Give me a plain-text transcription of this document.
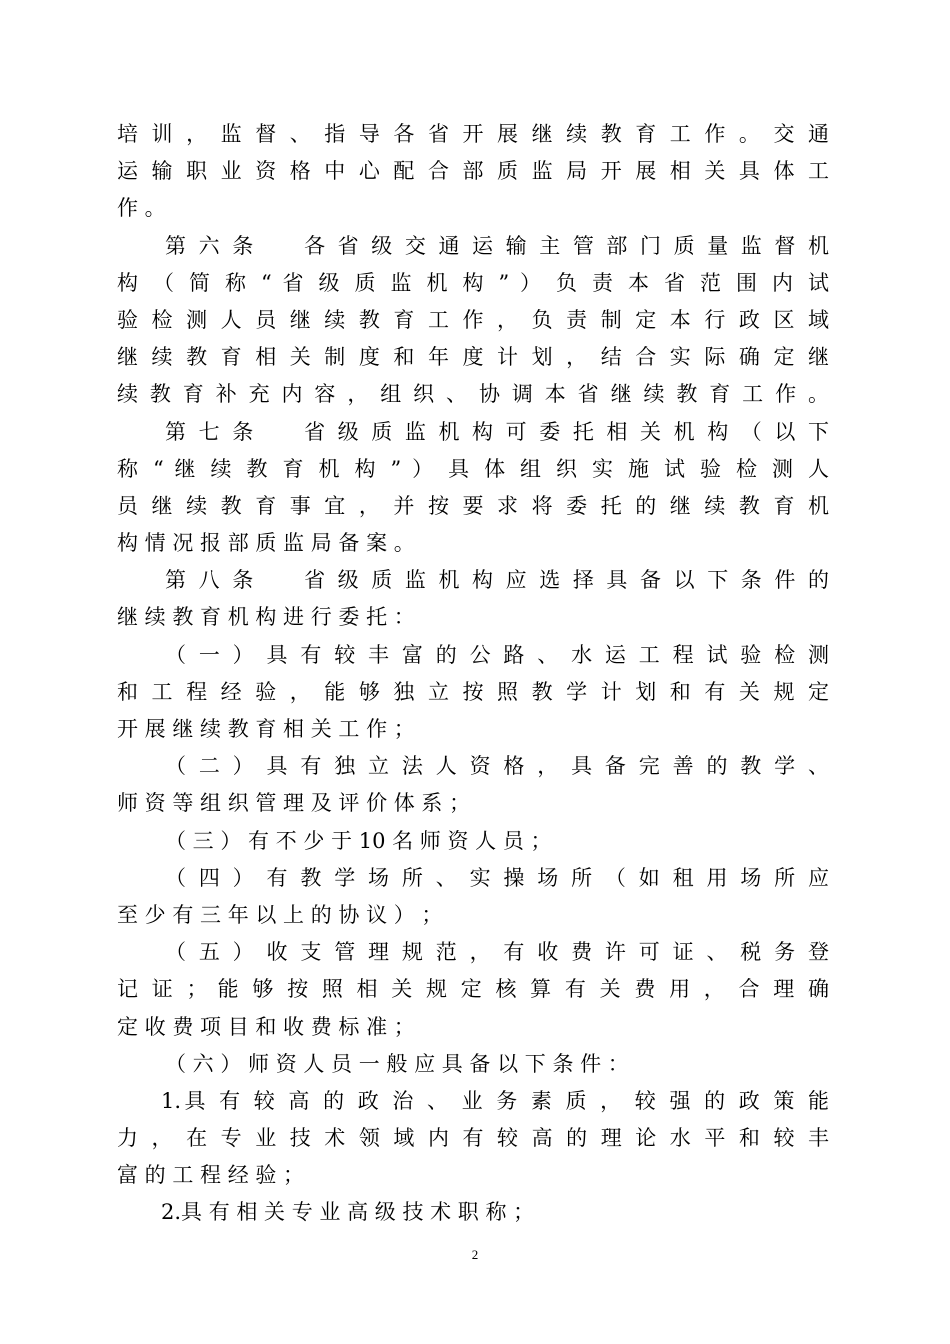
培 训 ， 监 督 、 指 导 各 省 开 展 继 续 教 育 工 作 。 交 通
运 输 职 业 资 格 中 心 配 合 部 质 监 局 开 展 相 关 具 体 工
作 。
第 六 条　　各 省 级 交 通 运 输 主 管 部 门 质 量 监 督 机
构 （ 简 称 “ 省 级 质 监 机 构 ” ） 负 责 本 省 范 围 内 试
验 检 测 人 员 继 续 教 育 工 作 ， 负 责 制 定 本 行 政 区 域
继 续 教 育 相 关 制 度 和 年 度 计 划 ， 结 合 实 际 确 定 继
续 教 育 补 充 内 容 ， 组 织 、 协 调 本 省 继 续 教 育 工 作 。
第 七 条　　省 级 质 监 机 构 可 委 托 相 关 机 构 （ 以 下
称 “ 继 续 教 育 机 构 ” ） 具 体 组 织 实 施 试 验 检 测 人
员 继 续 教 育 事 宜 ， 并 按 要 求 将 委 托 的 继 续 教 育 机
构 情 况 报 部 质 监 局 备 案 。
第 八 条　　省 级 质 监 机 构 应 选 择 具 备 以 下 条 件 的
继 续 教 育 机 构 进 行 委 托 ：
（ 一 ） 具 有 较 丰 富 的 公 路 、 水 运 工 程 试 验 检 测
和 工 程 经 验 ， 能 够 独 立 按 照 教 学 计 划 和 有 关 规 定
开 展 继 续 教 育 相 关 工 作 ；
（ 二 ） 具 有 独 立 法 人 资 格 ， 具 备 完 善 的 教 学 、
师 资 等 组 织 管 理 及 评 价 体 系 ；
（ 三 ） 有 不 少 于 10 名 师 资 人 员 ；
（ 四 ） 有 教 学 场 所 、 实 操 场 所 （ 如 租 用 场 所 应
至 少 有 三 年 以 上 的 协 议 ） ；
（ 五 ） 收 支 管 理 规 范 ， 有 收 费 许 可 证 、 税 务 登
记 证 ； 能 够 按 照 相 关 规 定 核 算 有 关 费 用 ， 合 理 确
定 收 费 项 目 和 收 费 标 准 ；
（ 六 ） 师 资 人 员 一 般 应 具 备 以 下 条 件 ：
1.具 有 较 高 的 政 治 、 业 务 素 质 ， 较 强 的 政 策 能
力 ， 在 专 业 技 术 领 域 内 有 较 高 的 理 论 水 平 和 较 丰
富 的 工 程 经 验 ；
2.具 有 相 关 专 业 高 级 技 术 职 称 ；
2
